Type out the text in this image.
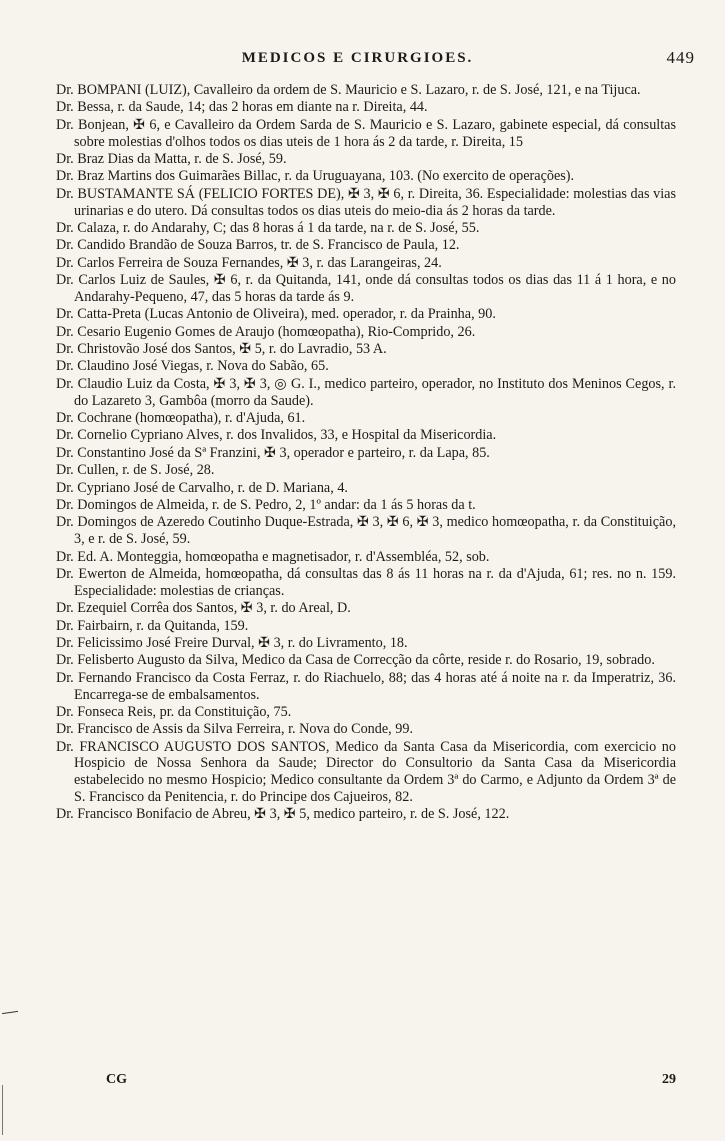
MEDICOS E CIRURGIOES.	449

Dr. BOMPANI (LUIZ), Cavalleiro da ordem de S. Mauricio e S. Lazaro, r. de S. José, 121, e na Tijuca.

Dr. Bessa, r. da Saude, 14; das 2 horas em diante na r. Direita, 44.

Dr. Bonjean, ✠ 6, e Cavalleiro da Ordem Sarda de S. Mauricio e S. Lazaro, gabinete especial, dá consultas sobre molestias d'olhos todos os dias uteis de 1 hora ás 2 da tarde, r. Direita, 15

Dr. Braz Dias da Matta, r. de S. José, 59.

Dr. Braz Martins dos Guimarães Billac, r. da Uruguayana, 103. (No exercito de operações).

Dr. BUSTAMANTE SÁ (FELICIO FORTES DE), ✠ 3, ✠ 6, r. Direita, 36. Especialidade: molestias das vias urinarias e do utero. Dá consultas todos os dias uteis do meio-dia ás 2 horas da tarde.

Dr. Calaza, r. do Andarahy, C; das 8 horas á 1 da tarde, na r. de S. José, 55.

Dr. Candido Brandão de Souza Barros, tr. de S. Francisco de Paula, 12.

Dr. Carlos Ferreira de Souza Fernandes, ✠ 3, r. das Larangeiras, 24.

Dr. Carlos Luiz de Saules, ✠ 6, r. da Quitanda, 141, onde dá consultas todos os dias das 11 á 1 hora, e no Andarahy-Pequeno, 47, das 5 horas da tarde ás 9.

Dr. Catta-Preta (Lucas Antonio de Oliveira), med. operador, r. da Prainha, 90.

Dr. Cesario Eugenio Gomes de Araujo (homœopatha), Rio-Comprido, 26.

Dr. Christovão José dos Santos, ✠ 5, r. do Lavradio, 53 A.

Dr. Claudino José Viegas, r. Nova do Sabão, 65.

Dr. Claudio Luiz da Costa, ✠ 3, ✠ 3, ◎ G. I., medico parteiro, operador, no Instituto dos Meninos Cegos, r. do Lazareto 3, Gambôa (morro da Saude).

Dr. Cochrane (homœopatha), r. d'Ajuda, 61.

Dr. Cornelio Cypriano Alves, r. dos Invalidos, 33, e Hospital da Misericordia.

Dr. Constantino José da Sª Franzini, ✠ 3, operador e parteiro, r. da Lapa, 85.

Dr. Cullen, r. de S. José, 28.

Dr. Cypriano José de Carvalho, r. de D. Mariana, 4.

Dr. Domingos de Almeida, r. de S. Pedro, 2, 1º andar: da 1 ás 5 horas da t.

Dr. Domingos de Azeredo Coutinho Duque-Estrada, ✠ 3, ✠ 6, ✠ 3, medico homœopatha, r. da Constituição, 3, e r. de S. José, 59.

Dr. Ed. A. Monteggia, homœopatha e magnetisador, r. d'Assembléa, 52, sob.

Dr. Ewerton de Almeida, homœopatha, dá consultas das 8 ás 11 horas na r. da d'Ajuda, 61; res. no n. 159. Especialidade: molestias de crianças.

Dr. Ezequiel Corrêa dos Santos, ✠ 3, r. do Areal, D.

Dr. Fairbairn, r. da Quitanda, 159.

Dr. Felicissimo José Freire Durval, ✠ 3, r. do Livramento, 18.

Dr. Felisberto Augusto da Silva, Medico da Casa de Correcção da côrte, reside r. do Rosario, 19, sobrado.

Dr. Fernando Francisco da Costa Ferraz, r. do Riachuelo, 88; das 4 horas até á noite na r. da Imperatriz, 36. Encarrega-se de embalsamentos.

Dr. Fonseca Reis, pr. da Constituição, 75.

Dr. Francisco de Assis da Silva Ferreira, r. Nova do Conde, 99.

Dr. FRANCISCO AUGUSTO DOS SANTOS, Medico da Santa Casa da Misericordia, com exercicio no Hospicio de Nossa Senhora da Saude; Director do Consultorio da Santa Casa da Misericordia estabelecido no mesmo Hospicio; Medico consultante da Ordem 3ª do Carmo, e Adjunto da Ordem 3ª de S. Francisco da Penitencia, r. do Principe dos Cajueiros, 82.

Dr. Francisco Bonifacio de Abreu, ✠ 3, ✠ 5, medico parteiro, r. de S. José, 122.

CG	29
